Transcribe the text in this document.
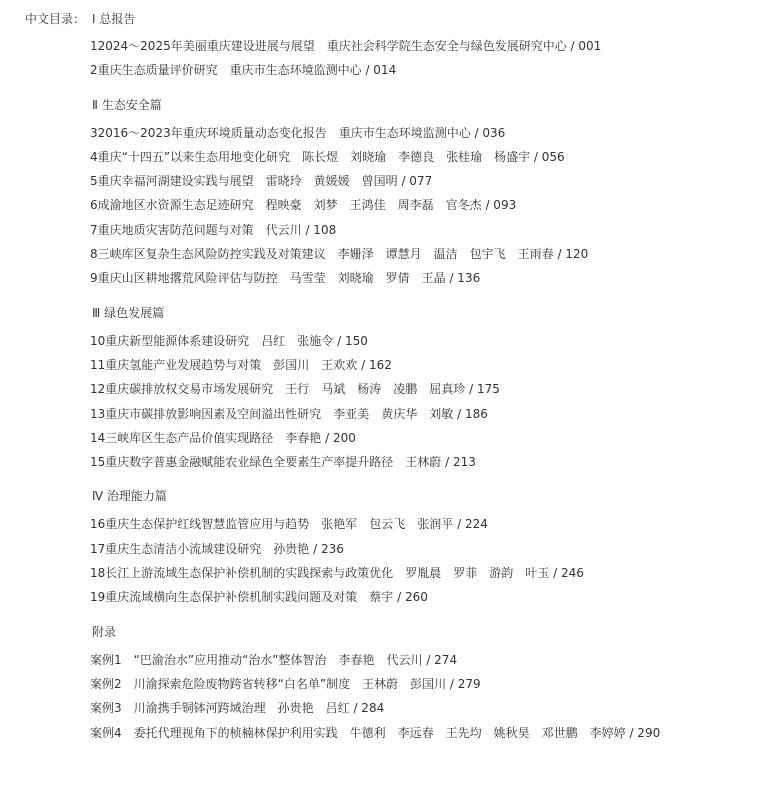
中文目录： Ⅰ 总报告
12024～2025年美丽重庆建设进展与展望　重庆社会科学院生态安全与绿色发展研究中心 / 001
2重庆生态质量评价研究　重庆市生态环境监测中心 / 014
Ⅱ 生态安全篇
32016～2023年重庆环境质量动态变化报告　重庆市生态环境监测中心 / 036
4重庆“十四五”以来生态用地变化研究　陈长煜　刘晓瑜　李德良　张桂瑜　杨盛宇 / 056
5重庆幸福河湖建设实践与展望　雷晓玲　黄媛媛　曾国明 / 077
6成渝地区水资源生态足迹研究　程映豪　刘梦　王鸿佳　周李磊　官冬杰 / 093
7重庆地质灾害防范问题与对策　代云川 / 108
8三峡库区复杂生态风险防控实践及对策建议　李姗泽　谭慧月　温洁　包宇飞　王雨春 / 120
9重庆山区耕地撂荒风险评估与防控　马雪莹　刘晓瑜　罗倩　王晶 / 136
Ⅲ 绿色发展篇
10重庆新型能源体系建设研究　吕红　张施令 / 150
11重庆氢能产业发展趋势与对策　彭国川　王欢欢 / 162
12重庆碳排放权交易市场发展研究　王行　马斌　杨涛　凌鹏　屈真珍 / 175
13重庆市碳排放影响因素及空间溢出性研究　李亚美　黄庆华　刘敏 / 186
14三峡库区生态产品价值实现路径　李春艳 / 200
15重庆数字普惠金融赋能农业绿色全要素生产率提升路径　王林蔚 / 213
Ⅳ 治理能力篇
16重庆生态保护红线智慧监管应用与趋势　张艳军　包云飞　张润平 / 224
17重庆生态清洁小流域建设研究　孙贵艳 / 236
18长江上游流域生态保护补偿机制的实践探索与政策优化　罗胤晨　罗菲　游韵　叶玉 / 246
19重庆流域横向生态保护补偿机制实践问题及对策　蔡宇 / 260
附录
案例1　“巴渝治水”应用推动“治水”整体智治　李春艳　代云川 / 274
案例2　川渝探索危险废物跨省转移“白名单”制度　王林蔚　彭国川 / 279
案例3　川渝携手铜钵河跨域治理　孙贵艳　吕红 / 284
案例4　委托代理视角下的桢楠林保护利用实践　牛德利　李远春　王先均　姚秋昊　邓世鹏　李婷婷 / 290
